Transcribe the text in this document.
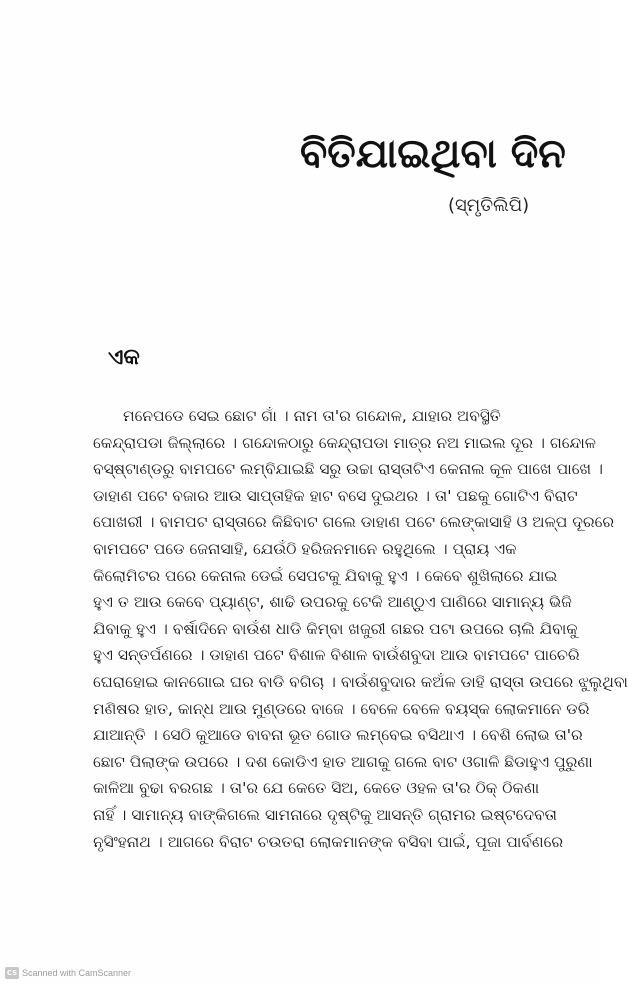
ବିତିଯାଇଥିବା ଦିନ
(ସ୍ମୃତିଲିପି)
ଏକ
ମନେପଡେ ସେଇ ଛୋଟ ଗାଁ । ନାମ ତା'ର ଗନ୍ଦୋଳ, ଯାହାର ଅବସ୍ଥିତି
କେନ୍ଦ୍ରାପଡା ଜିଲ୍ଲାରେ । ଗନ୍ଦୋଳଠାରୁ କେନ୍ଦ୍ରାପଡା ମାତ୍ର ନଅ ମାଇଲ ଦୂର । ଗନ୍ଦୋଳ
ବସ୍‌ଷ୍ଟାଣ୍ଡରୁ ବାମପଟେ ଲମ୍ବିଯାଇଛି ସରୁ ଉଚ୍ଚା ରାସ୍ତାଟିଏ କେନାଲ କୂଳ ପାଖେ ପାଖେ ।
ଡାହାଣ ପଟେ ବଜାର ଆଉ ସାପ୍ତାହିକ ହାଟ ବସେ ଦୁଇଥର । ତା' ପଛକୁ ଗୋଟିଏ ବିରାଟ
ପୋଖରୀ । ବାମପଟ ରାସ୍ତାରେ କିଛିବାଟ ଗଲେ ଡାହାଣ ପଟେ ଲେଙ୍କାସାହି ଓ ଅଳ୍ପ ଦୂରରେ
ବାମପଟେ ପଡେ ଜେନାସାହି, ଯେଉଁଠି ହରିଜନମାନେ ରହୁଥିଲେ । ପ୍ରାୟ ଏକ
କିଲୋମିଟର ପରେ କେନାଲ ଡେଇଁ ସେପଟକୁ ଯିବାକୁ ହୁଏ । କେବେ ଶୁଖିଲାରେ ଯାଇ
ହୁଏ ତ ଆଉ କେବେ ପ୍ୟାଣ୍ଟ, ଶାଢି ଉପରକୁ ଟେକି ଆଣ୍ଠୁଏ ପାଣିରେ ସାମାନ୍ୟ ଭିଜି
ଯିବାକୁ ହୁଏ । ବର୍ଷାଦିନେ ବାଉଁଶ ଧାଡି କିମ୍ବା ଖଜୁରୀ ଗଛର ପଟା ଉପରେ ଚାଲି ଯିବାକୁ
ହୁଏ ସନ୍ତର୍ପଣରେ । ଡାହାଣ ପଟେ ବିଶାଳ ବିଶାଳ ବାଉଁଶବୁଦା ଆଉ ବାମପଟେ ପାଚେରି
ଘେରାହୋଇ କାନଗୋଇ ଘର ବାଡି ବଗିଚା । ବାଉଁଶବୁଦାର କଅଁଳ ଡାହି ରାସ୍ତା ଉପରେ ଝୁଲୁଥିବା
ମଣିଷର ହାତ, କାନ୍ଧ ଆଉ ମୁଣ୍ଡରେ ବାଜେ । ବେଳେ ବେଳେ ବୟସ୍କ ଲୋକମାନେ ଡରି
ଯାଆନ୍ତି । ସେଠି କୁଆଡେ ବାବନା ଭୂତ ଗୋଡ ଲମ୍ବେଇ ବସିଥାଏ । ବେଶି ଲୋଭ ତା'ର
ଛୋଟ ପିଲାଙ୍କ ଉପରେ । ଦଶ କୋଡିଏ ହାତ ଆଗକୁ ଗଲେ ବାଟ ଓଗାଳି ଛିଡାହୁଏ ପୁରୁଣା
କାଳିଆ ବୁଢା ବରଗଛ । ତା'ର ଯେ କେତେ ସିଅ, କେତେ ଓହଳ ତା'ର ଠିକ୍ ଠିକଣା
ନାହିଁ । ସାମାନ୍ୟ ବାଙ୍କିଗଲେ ସାମନାରେ ଦୃଷ୍ଟିକୁ ଆସନ୍ତି ଗ୍ରାମର ଇଷ୍ଟଦେବତା
ନୃସିଂହନାଥ । ଆଗରେ ବିରାଟ ଚଉତରା ଲୋକମାନଙ୍କ ବସିବା ପାଇଁ, ପୂଜା ପାର୍ବଣରେ
CS Scanned with CamScanner
